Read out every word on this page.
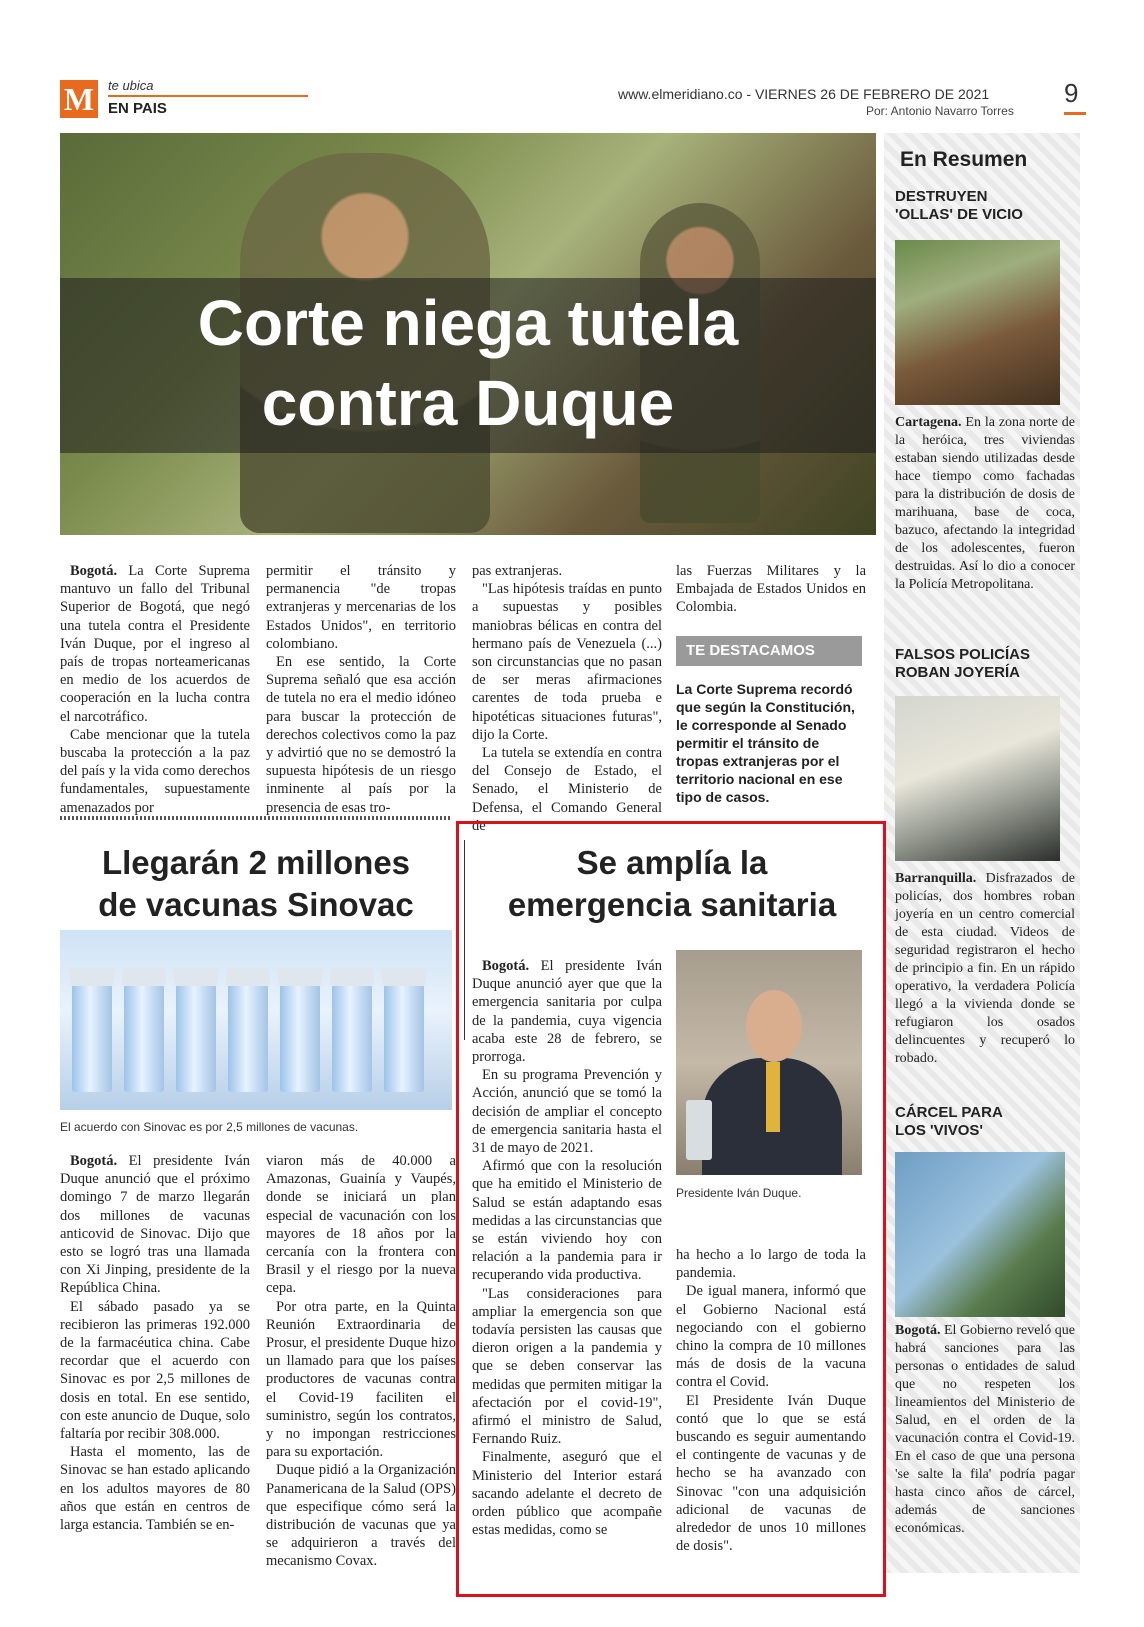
M	te ubica
EN PAIS
www.elmeridiano.co - VIERNES 26 DE FEBRERO DE 2021
Por: Antonio Navarro Torres
9
Corte niega tutela
contra Duque
En Resumen
DESTRUYEN 'OLLAS' DE VICIO
Cartagena. En la zona norte de la heróica, tres viviendas estaban siendo utilizadas desde hace tiempo como fachadas para la distribución de dosis de marihuana, base de coca, bazuco, afectando la integridad de los adolescentes, fueron destruidas. Así lo dio a conocer la Policía Metropolitana.
FALSOS POLICÍAS ROBAN JOYERÍA
Barranquilla. Disfrazados de policías, dos hombres roban joyería en un centro comercial de esta ciudad. Videos de seguridad registraron el hecho de principio a fin. En un rápido operativo, la verdadera Policía llegó a la vivienda donde se refugiaron los osados delincuentes y recuperó lo robado.
CÁRCEL PARA LOS 'VIVOS'
Bogotá. El Gobierno reveló que habrá sanciones para las personas o entidades de salud que no respeten los lineamientos del Ministerio de Salud, en el orden de la vacunación contra el Covid-19. En el caso de que una persona 'se salte la fila' podría pagar hasta cinco años de cárcel, además de sanciones económicas.

Bogotá. La Corte Suprema mantuvo un fallo del Tribunal Superior de Bogotá, que negó una tutela contra el Presidente Iván Duque, por el ingreso al país de tropas norteamericanas en medio de los acuerdos de cooperación en la lucha contra el narcotráfico.

Cabe mencionar que la tutela buscaba la protección a la paz del país y la vida como derechos fundamentales, supuestamente amenazados por

permitir el tránsito y permanencia "de tropas extranjeras y mercenarias de los Estados Unidos", en territorio colombiano.

En ese sentido, la Corte Suprema señaló que esa acción de tutela no era el medio idóneo para buscar la protección de derechos colectivos como la paz y advirtió que no se demostró la supuesta hipótesis de un riesgo inminente al país por la presencia de esas tro-

pas extranjeras.

"Las hipótesis traídas en punto a supuestas y posibles maniobras bélicas en contra del hermano país de Venezuela (...) son circunstancias que no pasan de ser meras afirmaciones carentes de toda prueba e hipotéticas situaciones futuras", dijo la Corte.

La tutela se extendía en contra del Consejo de Estado, el Senado, el Ministerio de Defensa, el Comando General de

las Fuerzas Militares y la Embajada de Estados Unidos en Colombia.

TE DESTACAMOS
La Corte Suprema recordó que según la Constitución, le corresponde al Senado permitir el tránsito de tropas extranjeras por el territorio nacional en ese tipo de casos.
Llegarán 2 millones
de vacunas Sinovac
El acuerdo con Sinovac es por 2,5 millones de vacunas.

Bogotá. El presidente Iván Duque anunció que el próximo domingo 7 de marzo llegarán dos millones de vacunas anticovid de Sinovac. Dijo que esto se logró tras una llamada con Xi Jinping, presidente de la República China.

El sábado pasado ya se recibieron las primeras 192.000 de la farmacéutica china. Cabe recordar que el acuerdo con Sinovac es por 2,5 millones de dosis en total. En ese sentido, con este anuncio de Duque, solo faltaría por recibir 308.000.

Hasta el momento, las de Sinovac se han estado aplicando en los adultos mayores de 80 años que están en centros de larga estancia. También se en-

viaron más de 40.000 a Amazonas, Guainía y Vaupés, donde se iniciará un plan especial de vacunación con los mayores de 18 años por la cercanía con la frontera con Brasil y el riesgo por la nueva cepa.

Por otra parte, en la Quinta Reunión Extraordinaria de Prosur, el presidente Duque hizo un llamado para que los países productores de vacunas contra el Covid-19 faciliten el suministro, según los contratos, y no impongan restricciones para su exportación.

Duque pidió a la Organización Panamericana de la Salud (OPS) que especifique cómo será la distribución de vacunas que ya se adquirieron a través del mecanismo Covax.

Se amplía la
emergencia sanitaria
Presidente Iván Duque.

Bogotá. El presidente Iván Duque anunció ayer que que la emergencia sanitaria por culpa de la pandemia, cuya vigencia acaba este 28 de febrero, se prorroga.

En su programa Prevención y Acción, anunció que se tomó la decisión de ampliar el concepto de emergencia sanitaria hasta el 31 de mayo de 2021.

Afirmó que con la resolución que ha emitido el Ministerio de Salud se están adaptando esas medidas a las circunstancias que se están viviendo hoy con relación a la pandemia para ir recuperando vida productiva.

"Las consideraciones para ampliar la emergencia son que todavía persisten las causas que dieron origen a la pandemia y que se deben conservar las medidas que permiten mitigar la afectación por el covid-19", afirmó el ministro de Salud, Fernando Ruiz.

Finalmente, aseguró que el Ministerio del Interior estará sacando adelante el decreto de orden público que acompañe estas medidas, como se

ha hecho a lo largo de toda la pandemia.

De igual manera, informó que el Gobierno Nacional está negociando con el gobierno chino la compra de 10 millones más de dosis de la vacuna contra el Covid.

El Presidente Iván Duque contó que lo que se está buscando es seguir aumentando el contingente de vacunas y de hecho se ha avanzado con Sinovac "con una adquisición adicional de vacunas de alrededor de unos 10 millones de dosis".
